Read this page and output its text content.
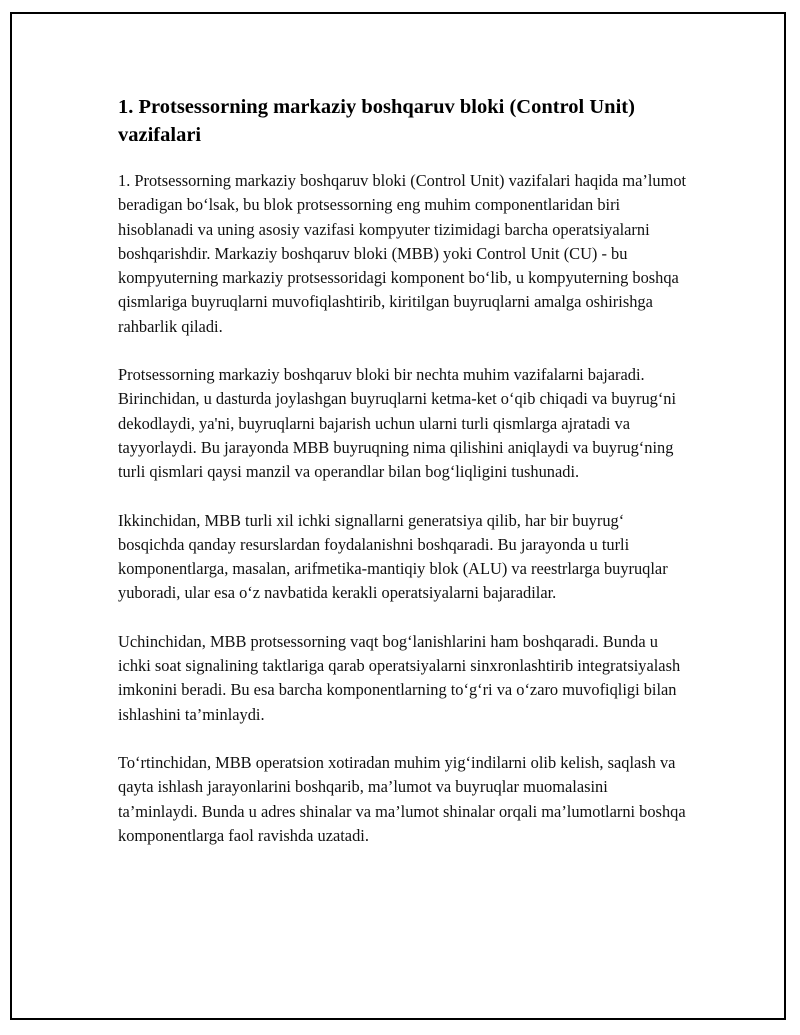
1. Protsessorning markaziy boshqaruv bloki (Control Unit) vazifalari

1. Protsessorning markaziy boshqaruv bloki (Control Unit) vazifalari haqida ma’lumot beradigan bo‘lsak, bu blok protsessorning eng muhim componentlaridan biri hisoblanadi va uning asosiy vazifasi kompyuter tizimidagi barcha operatsiyalarni boshqarishdir. Markaziy boshqaruv bloki (MBB) yoki Control Unit (CU) - bu kompyuterning markaziy protsessoridagi komponent bo‘lib, u kompyuterning boshqa qismlariga buyruqlarni muvofiqlashtirib, kiritilgan buyruqlarni amalga oshirishga rahbarlik qiladi.

Protsessorning markaziy boshqaruv bloki bir nechta muhim vazifalarni bajaradi. Birinchidan, u dasturda joylashgan buyruqlarni ketma-ket o‘qib chiqadi va buyrug‘ni dekodlaydi, ya'ni, buyruqlarni bajarish uchun ularni turli qismlarga ajratadi va tayyorlaydi. Bu jarayonda MBB buyruqning nima qilishini aniqlaydi va buyrug‘ning turli qismlari qaysi manzil va operandlar bilan bog‘liqligini tushunadi.

Ikkinchidan, MBB turli xil ichki signallarni generatsiya qilib, har bir buyrug‘ bosqichda qanday resurslardan foydalanishni boshqaradi. Bu jarayonda u turli komponentlarga, masalan, arifmetika-mantiqiy blok (ALU) va reestrlarga buyruqlar yuboradi, ular esa o‘z navbatida kerakli operatsiyalarni bajaradilar.

Uchinchidan, MBB protsessorning vaqt bog‘lanishlarini ham boshqaradi. Bunda u ichki soat signalining taktlariga qarab operatsiyalarni sinxronlashtirib integratsiyalash imkonini beradi. Bu esa barcha komponentlarning to‘g‘ri va o‘zaro muvofiqligi bilan ishlashini ta’minlaydi.

To‘rtinchidan, MBB operatsion xotiradan muhim yig‘indilarni olib kelish, saqlash va qayta ishlash jarayonlarini boshqarib, ma’lumot va buyruqlar muomalasini ta’minlaydi. Bunda u adres shinalar va ma’lumot shinalar orqali ma’lumotlarni boshqa komponentlarga faol ravishda uzatadi.
